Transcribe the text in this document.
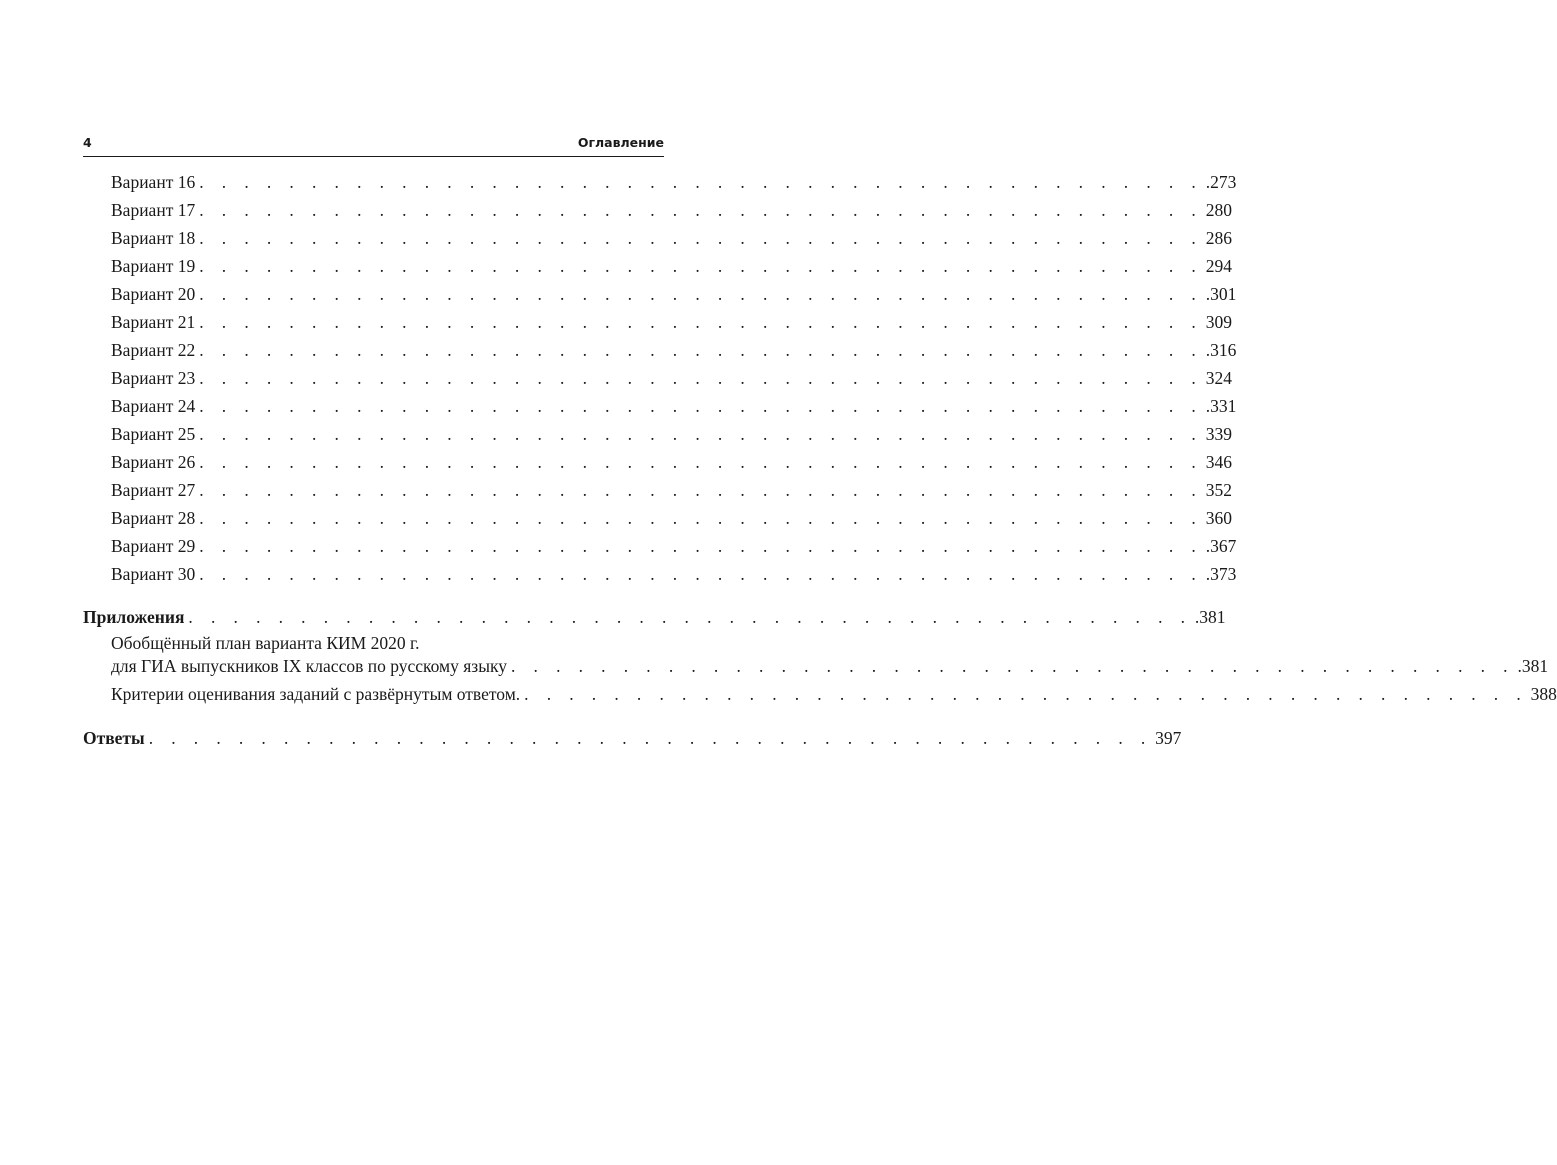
4	Оглавление
Вариант 16 . . . . . . . . . . . . . . . . . . . . . . . . . . . . . . . . . . . . . . . . . . . . . .273
Вариант 17 . . . . . . . . . . . . . . . . . . . . . . . . . . . . . . . . . . . . . . . . . . . . . 280
Вариант 18 . . . . . . . . . . . . . . . . . . . . . . . . . . . . . . . . . . . . . . . . . . . . . 286
Вариант 19 . . . . . . . . . . . . . . . . . . . . . . . . . . . . . . . . . . . . . . . . . . . . . 294
Вариант 20 . . . . . . . . . . . . . . . . . . . . . . . . . . . . . . . . . . . . . . . . . . . . . .301
Вариант 21 . . . . . . . . . . . . . . . . . . . . . . . . . . . . . . . . . . . . . . . . . . . . . 309
Вариант 22 . . . . . . . . . . . . . . . . . . . . . . . . . . . . . . . . . . . . . . . . . . . . . .316
Вариант 23 . . . . . . . . . . . . . . . . . . . . . . . . . . . . . . . . . . . . . . . . . . . . . 324
Вариант 24 . . . . . . . . . . . . . . . . . . . . . . . . . . . . . . . . . . . . . . . . . . . . . .331
Вариант 25 . . . . . . . . . . . . . . . . . . . . . . . . . . . . . . . . . . . . . . . . . . . . . 339
Вариант 26 . . . . . . . . . . . . . . . . . . . . . . . . . . . . . . . . . . . . . . . . . . . . . 346
Вариант 27 . . . . . . . . . . . . . . . . . . . . . . . . . . . . . . . . . . . . . . . . . . . . . 352
Вариант 28 . . . . . . . . . . . . . . . . . . . . . . . . . . . . . . . . . . . . . . . . . . . . . 360
Вариант 29 . . . . . . . . . . . . . . . . . . . . . . . . . . . . . . . . . . . . . . . . . . . . . .367
Вариант 30 . . . . . . . . . . . . . . . . . . . . . . . . . . . . . . . . . . . . . . . . . . . . . .373
Приложения . . . . . . . . . . . . . . . . . . . . . . . . . . . . . . . . . . . . . . . . . . . . . .381
Обобщённый план варианта КИМ 2020 г.
для ГИА выпускников IX классов по русскому языку . . . . . . . . . . . . . . . . . . . . . . . . . . . . . . . . . . . . . . . . . . . . . .381
Критерии оценивания заданий с развёрнутым ответом. . . . . . . . . . . . . . . . . . . . . . . . . . . . . . . . . . . . . . . . . . . . . . 388
Ответы . . . . . . . . . . . . . . . . . . . . . . . . . . . . . . . . . . . . . . . . . . . . . 397
